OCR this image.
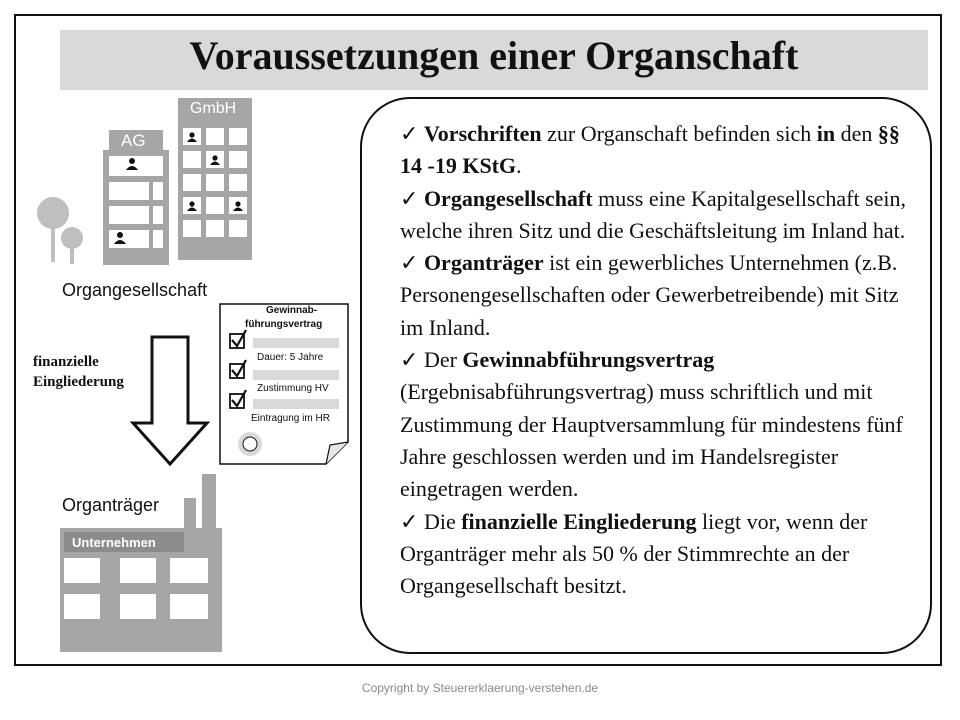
Voraussetzungen einer Organschaft
AG
GmbH
Organgesellschaft
finanzielle
Eingliederung
Gewinnab-
führungsvertrag
Dauer: 5 Jahre
Zustimmung HV
Eintragung im HR
Organträger
Unternehmen

✓ Vorschriften zur Organschaft befinden sich in den §§ 14 -19 KStG.

✓ Organgesellschaft muss eine Kapitalgesellschaft sein, welche ihren Sitz und die Geschäftsleitung im Inland hat.

✓ Organträger ist ein gewerbliches Unternehmen (z.B. Personengesellschaften oder Gewerbetreibende) mit Sitz im Inland.

✓ Der Gewinnabführungsvertrag (Ergebnisabführungsvertrag) muss schriftlich und mit Zustimmung der Hauptversammlung für mindestens fünf Jahre geschlossen werden und im Handelsregister eingetragen werden.

✓ Die finanzielle Eingliederung liegt vor, wenn der Organträger mehr als 50 % der Stimmrechte an der Organgesellschaft besitzt.

Copyright by Steuererklaerung-verstehen.de
